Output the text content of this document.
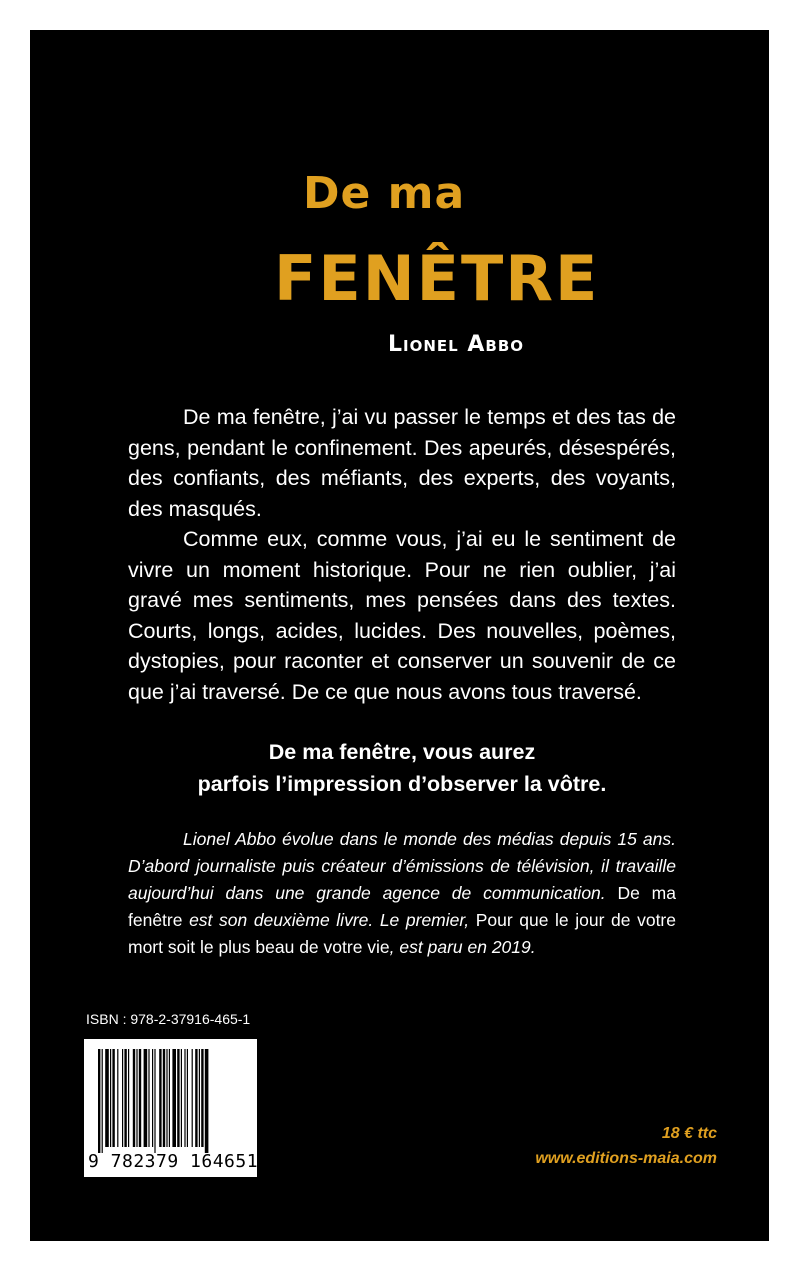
De ma
FENÊTRE
Lionel Abbo

De ma fenêtre, j’ai vu passer le temps et des tas de gens, pendant le confinement. Des apeurés, désespérés, des confiants, des méfiants, des experts, des voyants, des masqués.

Comme eux, comme vous, j’ai eu le sentiment de vivre un moment historique. Pour ne rien oublier, j’ai gravé mes sentiments, mes pensées dans des textes. Courts, longs, acides, lucides. Des nouvelles, poèmes, dystopies, pour raconter et conserver un souvenir de ce que j’ai traversé. De ce que nous avons tous traversé.

De ma fenêtre, vous aurez
parfois l’impression d’observer la vôtre.
Lionel Abbo évolue dans le monde des médias depuis 15 ans. D’abord journaliste puis créateur d’émissions de télévision, il travaille aujourd’hui dans une grande agence de communication. De ma fenêtre est son deuxième livre. Le premier, Pour que le jour de votre mort soit le plus beau de votre vie, est paru en 2019.
ISBN : 978-2-37916-465-1
9 782379 164651
18 € ttc
www.editions-maia.com
